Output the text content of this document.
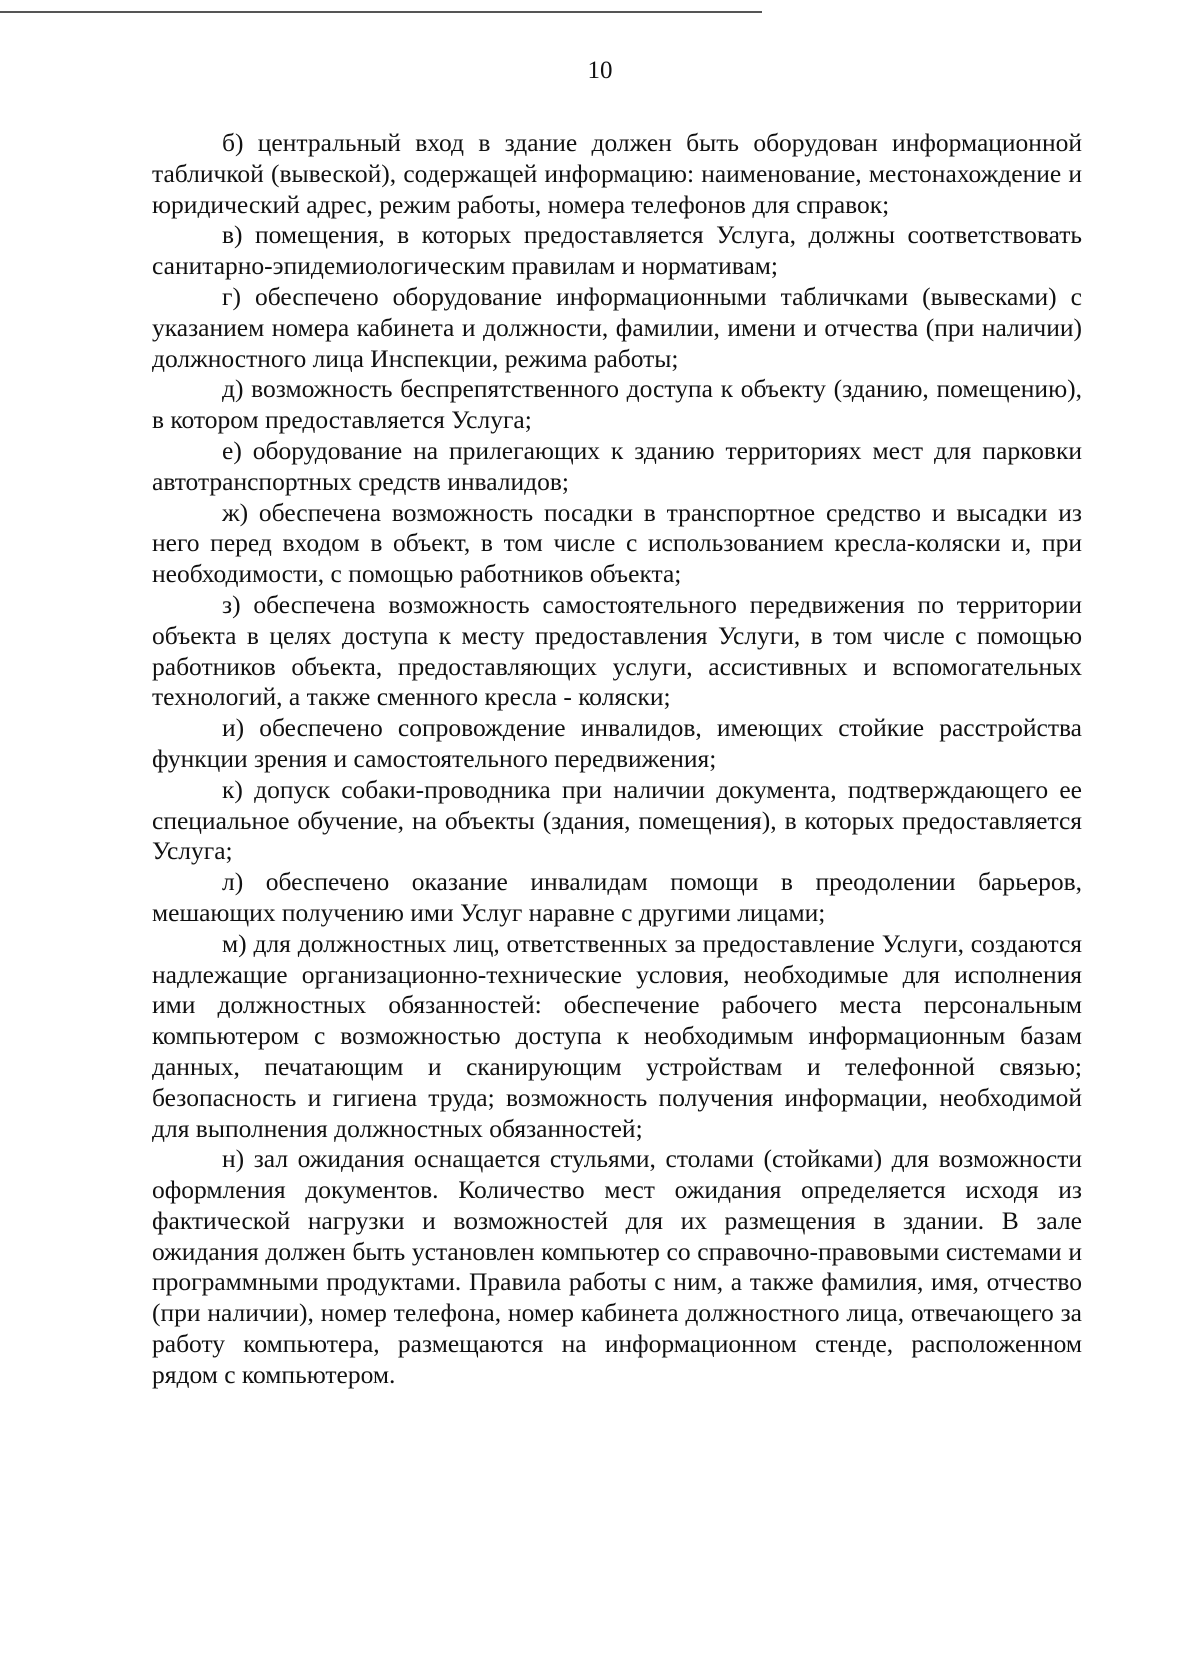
10

б) центральный вход в здание должен быть оборудован информационной табличкой (вывеской), содержащей информацию: наименование, местонахождение и юридический адрес, режим работы, номера телефонов для справок;

в) помещения, в которых предоставляется Услуга, должны соответствовать санитарно-эпидемиологическим правилам и нормативам;

г) обеспечено оборудование информационными табличками (вывесками) с указанием номера кабинета и должности, фамилии, имени и отчества (при наличии) должностного лица Инспекции, режима работы;

д) возможность беспрепятственного доступа к объекту (зданию, помещению), в котором предоставляется Услуга;

е) оборудование на прилегающих к зданию территориях мест для парковки автотранспортных средств инвалидов;

ж) обеспечена возможность посадки в транспортное средство и высадки из него перед входом в объект, в том числе с использованием кресла-коляски и, при необходимости, с помощью работников объекта;

з) обеспечена возможность самостоятельного передвижения по территории объекта в целях доступа к месту предоставления Услуги, в том числе с помощью работников объекта, предоставляющих услуги, ассистивных и вспомогательных технологий, а также сменного кресла - коляски;

и) обеспечено сопровождение инвалидов, имеющих стойкие расстройства функции зрения и самостоятельного передвижения;

к) допуск собаки-проводника при наличии документа, подтверждающего ее специальное обучение, на объекты (здания, помещения), в которых предоставляется Услуга;

л) обеспечено оказание инвалидам помощи в преодолении барьеров, мешающих получению ими Услуг наравне с другими лицами;

м) для должностных лиц, ответственных за предоставление Услуги, создаются надлежащие организационно-технические условия, необходимые для исполнения ими должностных обязанностей: обеспечение рабочего места персональным компьютером с возможностью доступа к необходимым информационным базам данных, печатающим и сканирующим устройствам и телефонной связью; безопасность и гигиена труда; возможность получения информации, необходимой для выполнения должностных обязанностей;

н) зал ожидания оснащается стульями, столами (стойками) для возможности оформления документов. Количество мест ожидания определяется исходя из фактической нагрузки и возможностей для их размещения в здании. В зале ожидания должен быть установлен компьютер со справочно-правовыми системами и программными продуктами. Правила работы с ним, а также фамилия, имя, отчество (при наличии), номер телефона, номер кабинета должностного лица, отвечающего за работу компьютера, размещаются на информационном стенде, расположенном рядом с компьютером.
